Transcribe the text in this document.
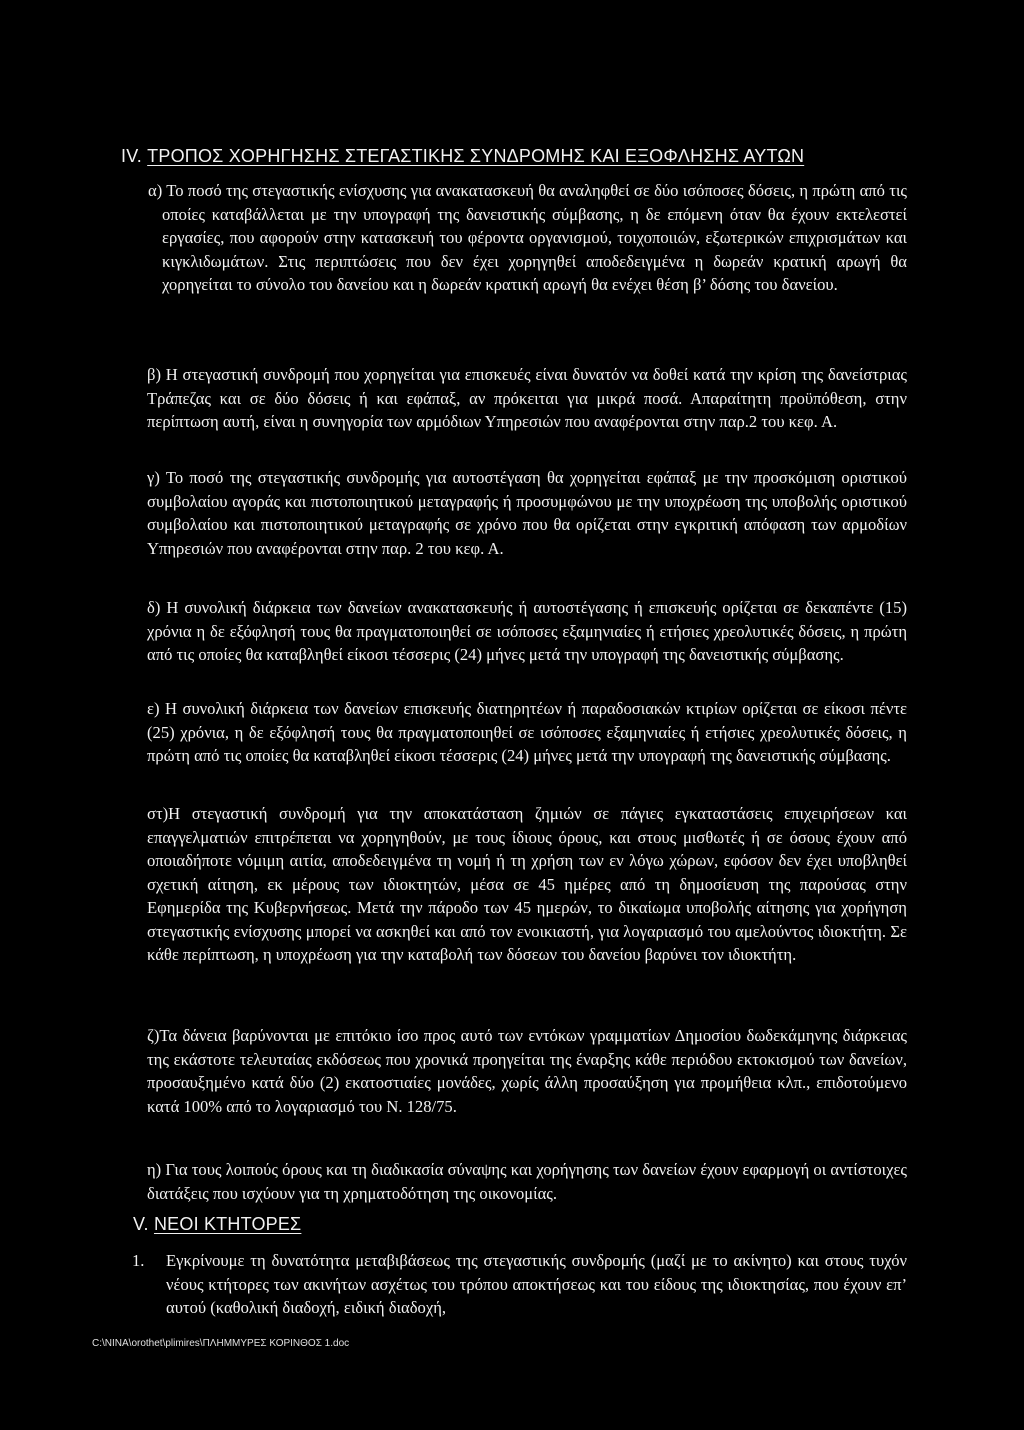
IV. ΤΡΟΠΟΣ ΧΟΡΗΓΗΣΗΣ ΣΤΕΓΑΣΤΙΚΗΣ ΣΥΝΔΡΟΜΗΣ ΚΑΙ ΕΞΟΦΛΗΣΗΣ ΑΥΤΩΝ

α) Το ποσό της στεγαστικής ενίσχυσης για ανακατασκευή θα αναληφθεί σε δύο ισόποσες δόσεις, η πρώτη από τις οποίες καταβάλλεται με την υπογραφή της δανειστικής σύμβασης, η δε επόμενη όταν θα έχουν εκτελεστεί εργασίες, που αφορούν στην κατασκευή του φέροντα οργανισμού, τοιχοποιιών, εξωτερικών επιχρισμάτων και κιγκλιδωμάτων. Στις περιπτώσεις που δεν έχει χορηγηθεί αποδεδειγμένα η δωρεάν κρατική αρωγή θα χορηγείται το σύνολο του δανείου και η δωρεάν κρατική αρωγή θα ενέχει θέση β’ δόσης του δανείου.

β) Η στεγαστική συνδρομή που χορηγείται για επισκευές είναι δυνατόν να δοθεί κατά την κρίση της δανείστριας Τράπεζας και σε δύο δόσεις ή και εφάπαξ, αν πρόκειται για μικρά ποσά. Απαραίτητη προϋπόθεση, στην περίπτωση αυτή, είναι η συνηγορία των αρμόδιων Υπηρεσιών που αναφέρονται στην παρ.2 του κεφ. Α.

γ) Το ποσό της στεγαστικής συνδρομής για αυτοστέγαση θα χορηγείται εφάπαξ με την προσκόμιση οριστικού συμβολαίου αγοράς και πιστοποιητικού μεταγραφής ή προσυμφώνου με την υποχρέωση της υποβολής οριστικού συμβολαίου και πιστοποιητικού μεταγραφής σε χρόνο που θα ορίζεται στην εγκριτική απόφαση των αρμοδίων Υπηρεσιών που αναφέρονται στην παρ. 2 του κεφ. Α.

δ) Η συνολική διάρκεια των δανείων ανακατασκευής ή αυτοστέγασης ή επισκευής ορίζεται σε δεκαπέντε (15) χρόνια η δε εξόφλησή τους θα πραγματοποιηθεί σε ισόποσες εξαμηνιαίες ή ετήσιες χρεολυτικές δόσεις, η πρώτη από τις οποίες θα καταβληθεί είκοσι τέσσερις (24) μήνες μετά την υπογραφή της δανειστικής σύμβασης.

ε) Η συνολική διάρκεια των δανείων επισκευής διατηρητέων ή παραδοσιακών κτιρίων ορίζεται σε είκοσι πέντε (25) χρόνια, η δε εξόφλησή τους θα πραγματοποιηθεί σε ισόποσες εξαμηνιαίες ή ετήσιες χρεολυτικές δόσεις, η πρώτη από τις οποίες θα καταβληθεί είκοσι τέσσερις (24) μήνες μετά την υπογραφή της δανειστικής σύμβασης.

στ)Η στεγαστική συνδρομή για την αποκατάσταση ζημιών σε πάγιες εγκαταστάσεις επιχειρήσεων και επαγγελματιών επιτρέπεται να χορηγηθούν, με τους ίδιους όρους, και στους μισθωτές ή σε όσους έχουν από οποιαδήποτε νόμιμη αιτία, αποδεδειγμένα τη νομή ή τη χρήση των εν λόγω χώρων, εφόσον δεν έχει υποβληθεί σχετική αίτηση, εκ μέρους των ιδιοκτητών, μέσα σε 45 ημέρες από τη δημοσίευση της παρούσας στην Εφημερίδα της Κυβερνήσεως. Μετά την πάροδο των 45 ημερών, το δικαίωμα υποβολής αίτησης για χορήγηση στεγαστικής ενίσχυσης μπορεί να ασκηθεί και από τον ενοικιαστή, για λογαριασμό του αμελούντος ιδιοκτήτη. Σε κάθε περίπτωση, η υποχρέωση για την καταβολή των δόσεων του δανείου βαρύνει τον ιδιοκτήτη.

ζ)Τα δάνεια βαρύνονται με επιτόκιο ίσο προς αυτό των εντόκων γραμματίων Δημοσίου δωδεκάμηνης διάρκειας της εκάστοτε τελευταίας εκδόσεως που χρονικά προηγείται της έναρξης κάθε περιόδου εκτοκισμού των δανείων, προσαυξημένο κατά δύο (2) εκατοστιαίες μονάδες, χωρίς άλλη προσαύξηση για προμήθεια κλπ., επιδοτούμενο κατά 100% από το λογαριασμό του Ν. 128/75.

η) Για τους λοιπούς όρους και τη διαδικασία σύναψης και χορήγησης των δανείων έχουν εφαρμογή οι αντίστοιχες διατάξεις που ισχύουν για τη χρηματοδότηση της οικονομίας.

V. ΝΕΟΙ ΚΤΗΤΟΡΕΣ
1. Εγκρίνουμε τη δυνατότητα μεταβιβάσεως της στεγαστικής συνδρομής (μαζί με το ακίνητο) και στους τυχόν νέους κτήτορες των ακινήτων ασχέτως του τρόπου αποκτήσεως και του είδους της ιδιοκτησίας, που έχουν επ’ αυτού (καθολική διαδοχή, ειδική διαδοχή,
C:\NINA\orothet\plimires\ΠΛΗΜΜΥΡΕΣ ΚΟΡΙΝΘΟΣ 1.doc
